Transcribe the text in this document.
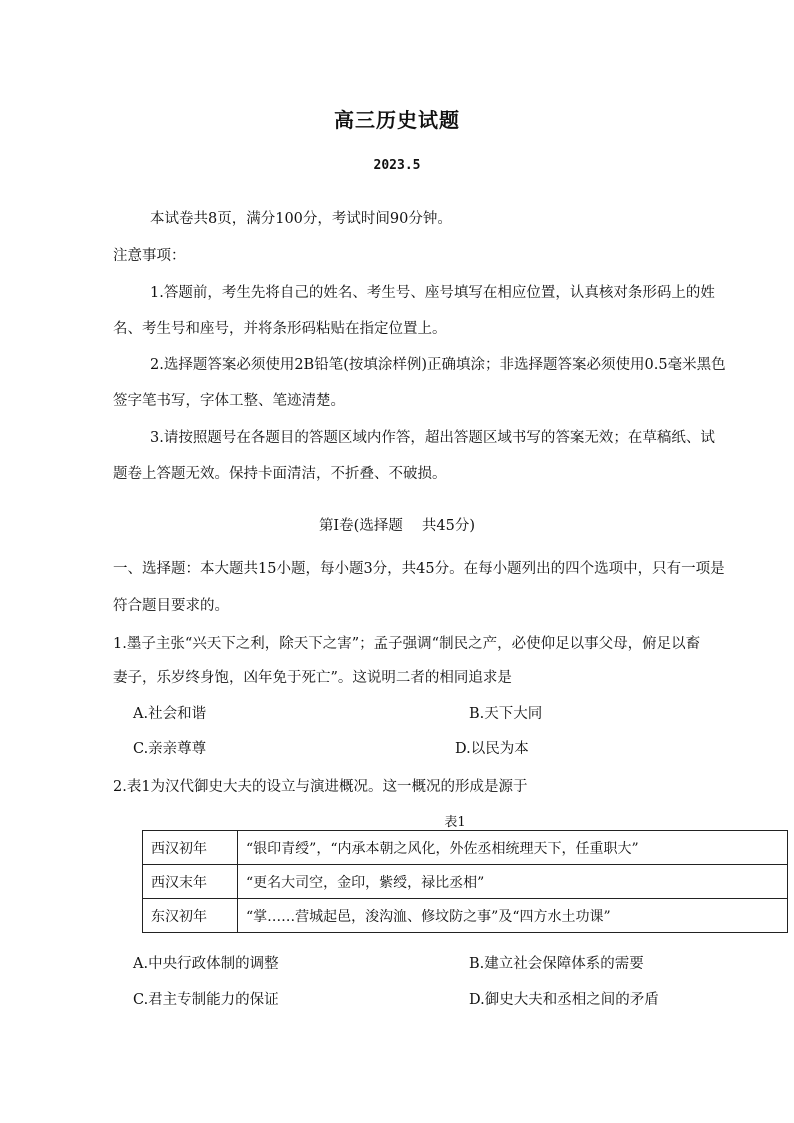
高三历史试题
2023.5
本试卷共8页，满分100分，考试时间90分钟。
注意事项：
1.答题前，考生先将自己的姓名、考生号、座号填写在相应位置，认真核对条形码上的姓
名、考生号和座号，并将条形码粘贴在指定位置上。
2.选择题答案必须使用2B铅笔(按填涂样例)正确填涂；非选择题答案必须使用0.5毫米黑色
签字笔书写，字体工整、笔迹清楚。
3.请按照题号在各题目的答题区域内作答，超出答题区域书写的答案无效；在草稿纸、试
题卷上答题无效。保持卡面清洁，不折叠、不破损。
第Ⅰ卷(选择题　 共45分)
一、选择题：本大题共15小题，每小题3分，共45分。在每小题列出的四个选项中，只有一项是
符合题目要求的。
1.墨子主张“兴天下之利，除天下之害”；孟子强调“制民之产，必使仰足以事父母，俯足以畜
妻子，乐岁终身饱，凶年免于死亡”。这说明二者的相同追求是
A.社会和谐	B.天下大同
C.亲亲尊尊	D.以民为本
2.表1为汉代御史大夫的设立与演进概况。这一概况的形成是源于
表1
西汉初年	“银印青绶”，“内承本朝之风化，外佐丞相统理天下，任重职大”
西汉末年	“更名大司空，金印，紫绶，禄比丞相”
东汉初年	“掌……营城起邑，浚沟洫、修坟防之事”及“四方水土功课”
A.中央行政体制的调整	B.建立社会保障体系的需要
C.君主专制能力的保证	D.御史大夫和丞相之间的矛盾
